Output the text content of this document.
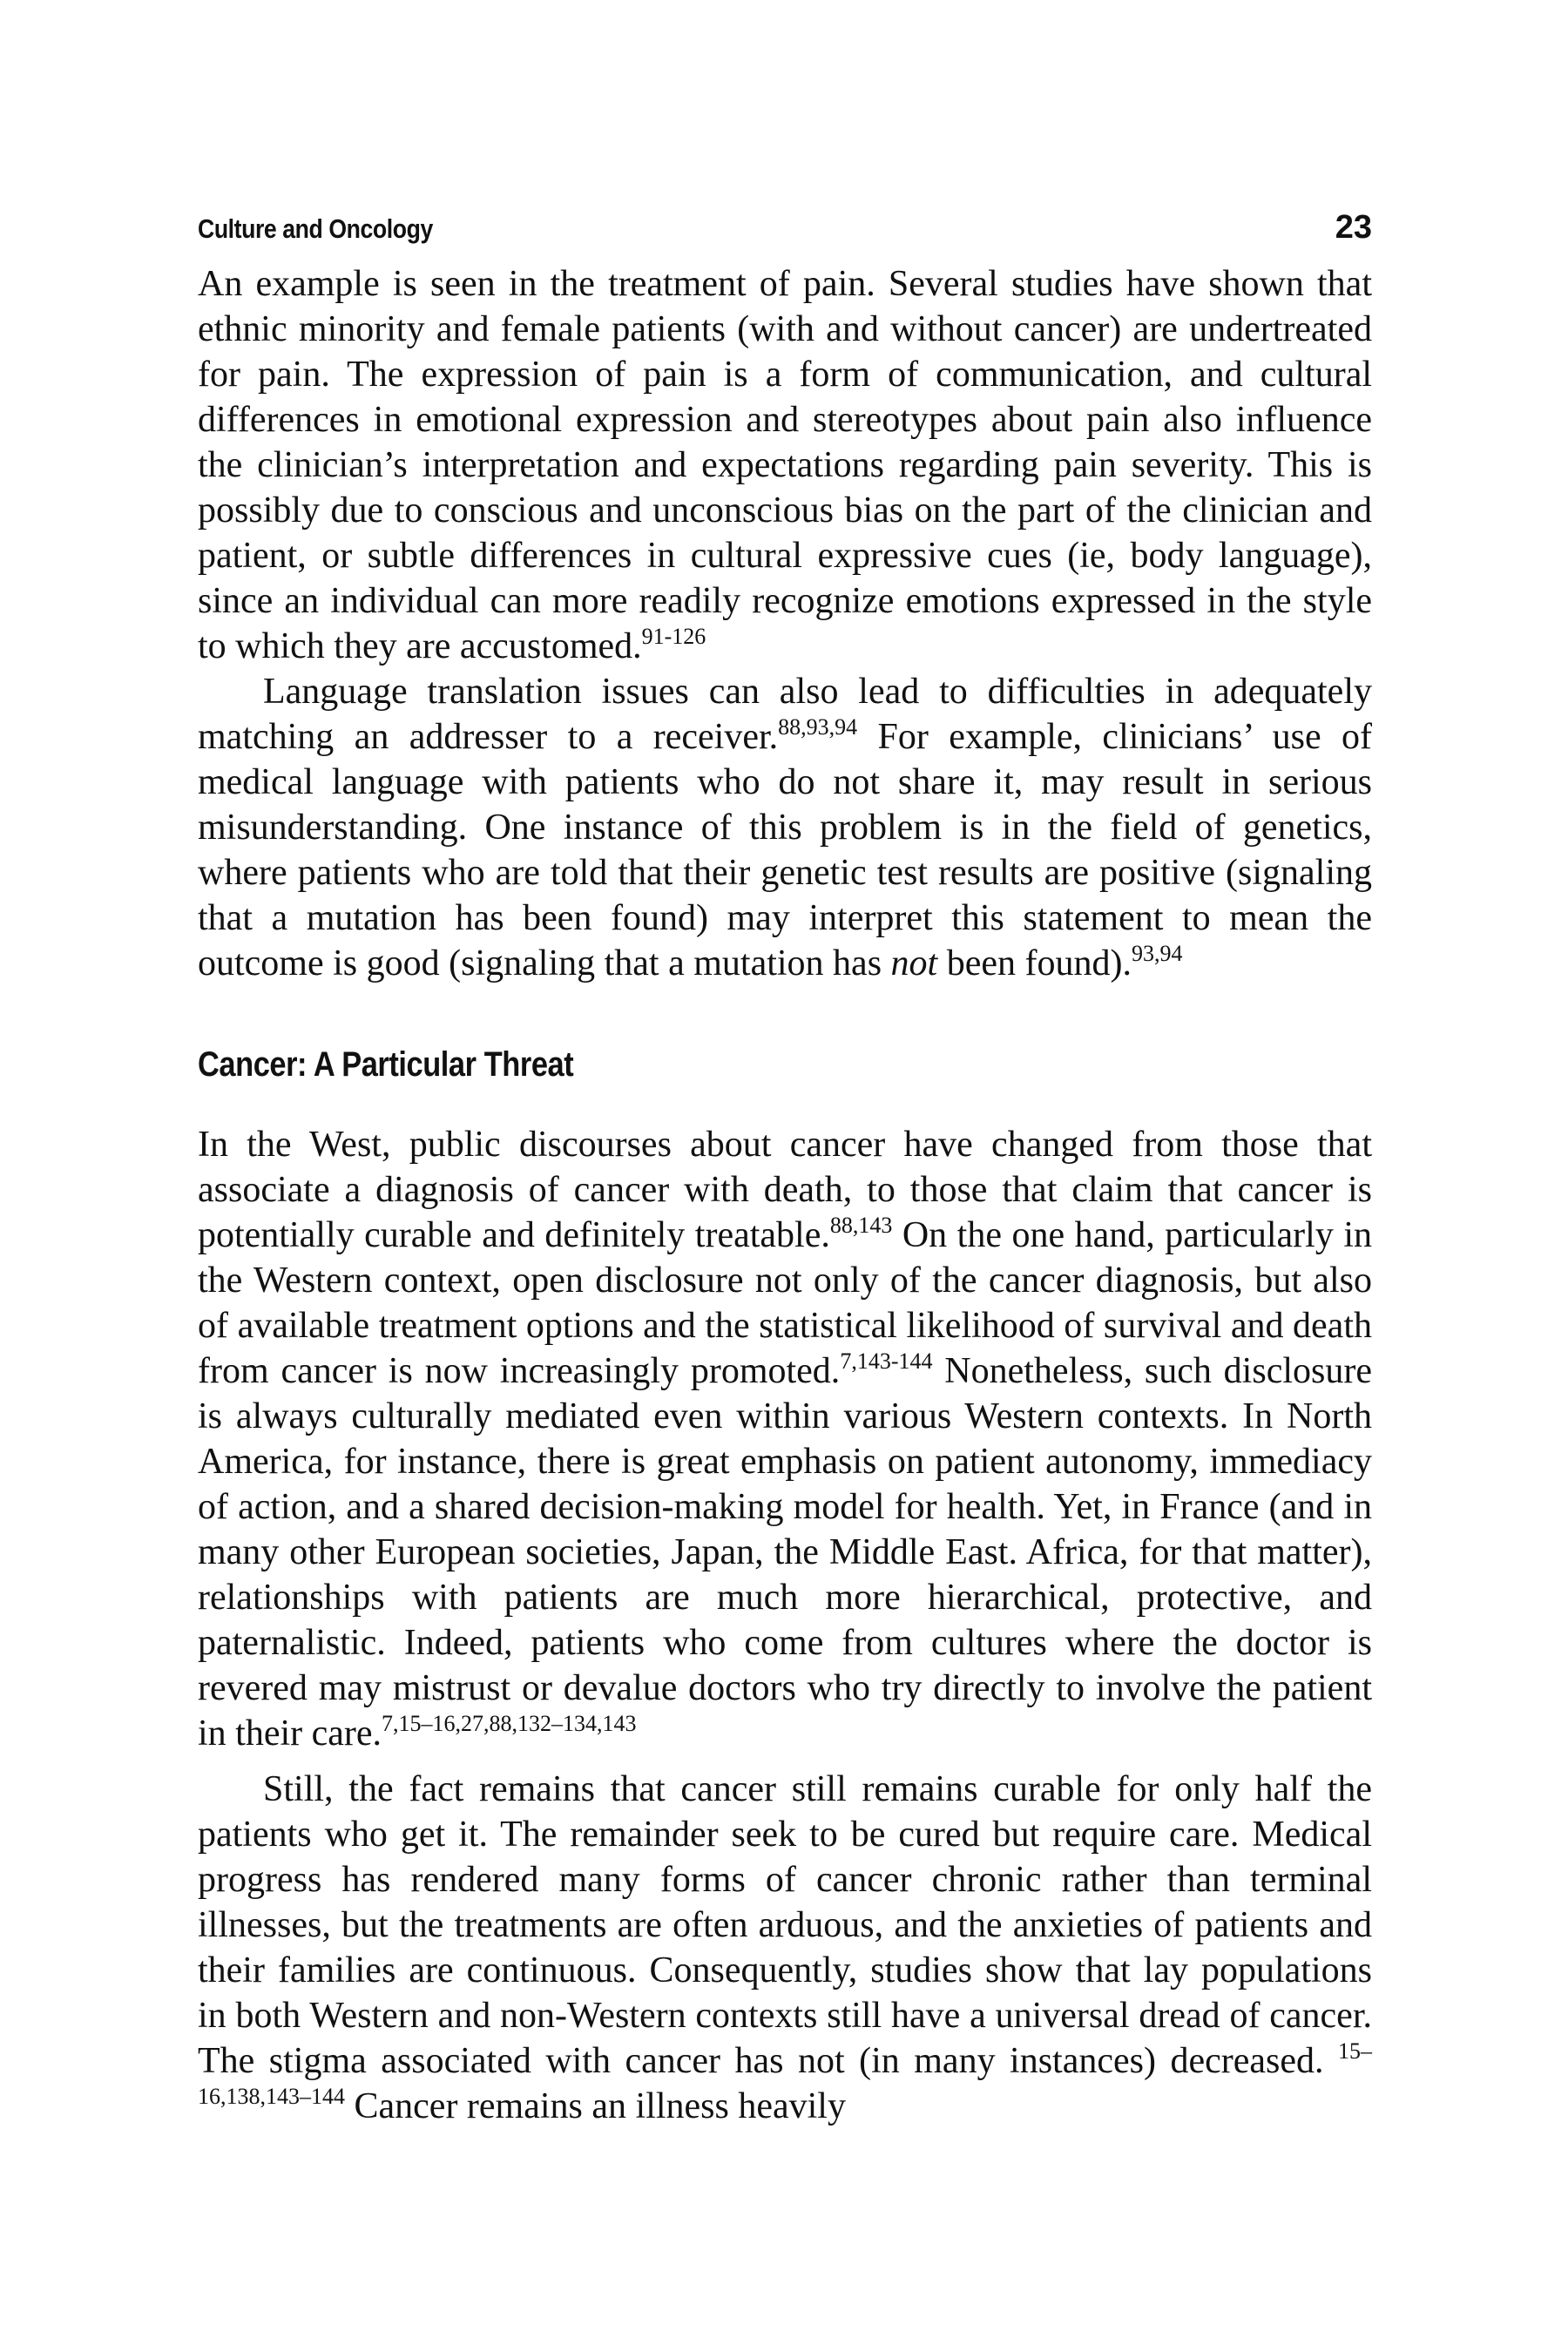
Culture and Oncology	23

An example is seen in the treatment of pain. Several studies have shown that ethnic minority and female patients (with and without cancer) are undertreated for pain. The expression of pain is a form of communication, and cultural differences in emotional expression and stereotypes about pain also influence the clinician’s interpretation and expectations regarding pain severity. This is possibly due to conscious and unconscious bias on the part of the clinician and patient, or subtle differences in cultural expressive cues (ie, body language), since an individual can more readily recognize emotions expressed in the style to which they are accustomed.$^{91-126}$

Language translation issues can also lead to difficulties in adequately matching an addresser to a receiver.$^{88,93,94}$ For example, clinicians’ use of medical language with patients who do not share it, may result in serious misunderstanding. One instance of this problem is in the field of genetics, where patients who are told that their genetic test results are positive (signaling that a mutation has been found) may interpret this statement to mean the outcome is good (signaling that a mutation has not been found).$^{93,94}$

Cancer: A Particular Threat

In the West, public discourses about cancer have changed from those that associate a diagnosis of cancer with death, to those that claim that cancer is potentially curable and definitely treatable.$^{88,143}$ On the one hand, particularly in the Western context, open disclosure not only of the cancer diagnosis, but also of available treatment options and the statistical likelihood of survival and death from cancer is now increasingly promoted.$^{7,143-144}$ Nonetheless, such disclosure is always culturally mediated even within various Western contexts. In North America, for instance, there is great emphasis on patient autonomy, immediacy of action, and a shared decision-making model for health. Yet, in France (and in many other European societies, Japan, the Middle East. Africa, for that matter), relationships with patients are much more hierarchical, protective, and paternalistic. Indeed, patients who come from cultures where the doctor is revered may mistrust or devalue doctors who try directly to involve the patient in their care.$^{7,15-16,27,88,132-134,143}$

Still, the fact remains that cancer still remains curable for only half the patients who get it. The remainder seek to be cured but require care. Medical progress has rendered many forms of cancer chronic rather than terminal illnesses, but the treatments are often arduous, and the anxieties of patients and their families are continuous. Consequently, studies show that lay populations in both Western and non-Western contexts still have a universal dread of cancer. The stigma associated with cancer has not (in many instances) decreased. $^{15-16,138,143-144}$ Cancer remains an illness heavily
